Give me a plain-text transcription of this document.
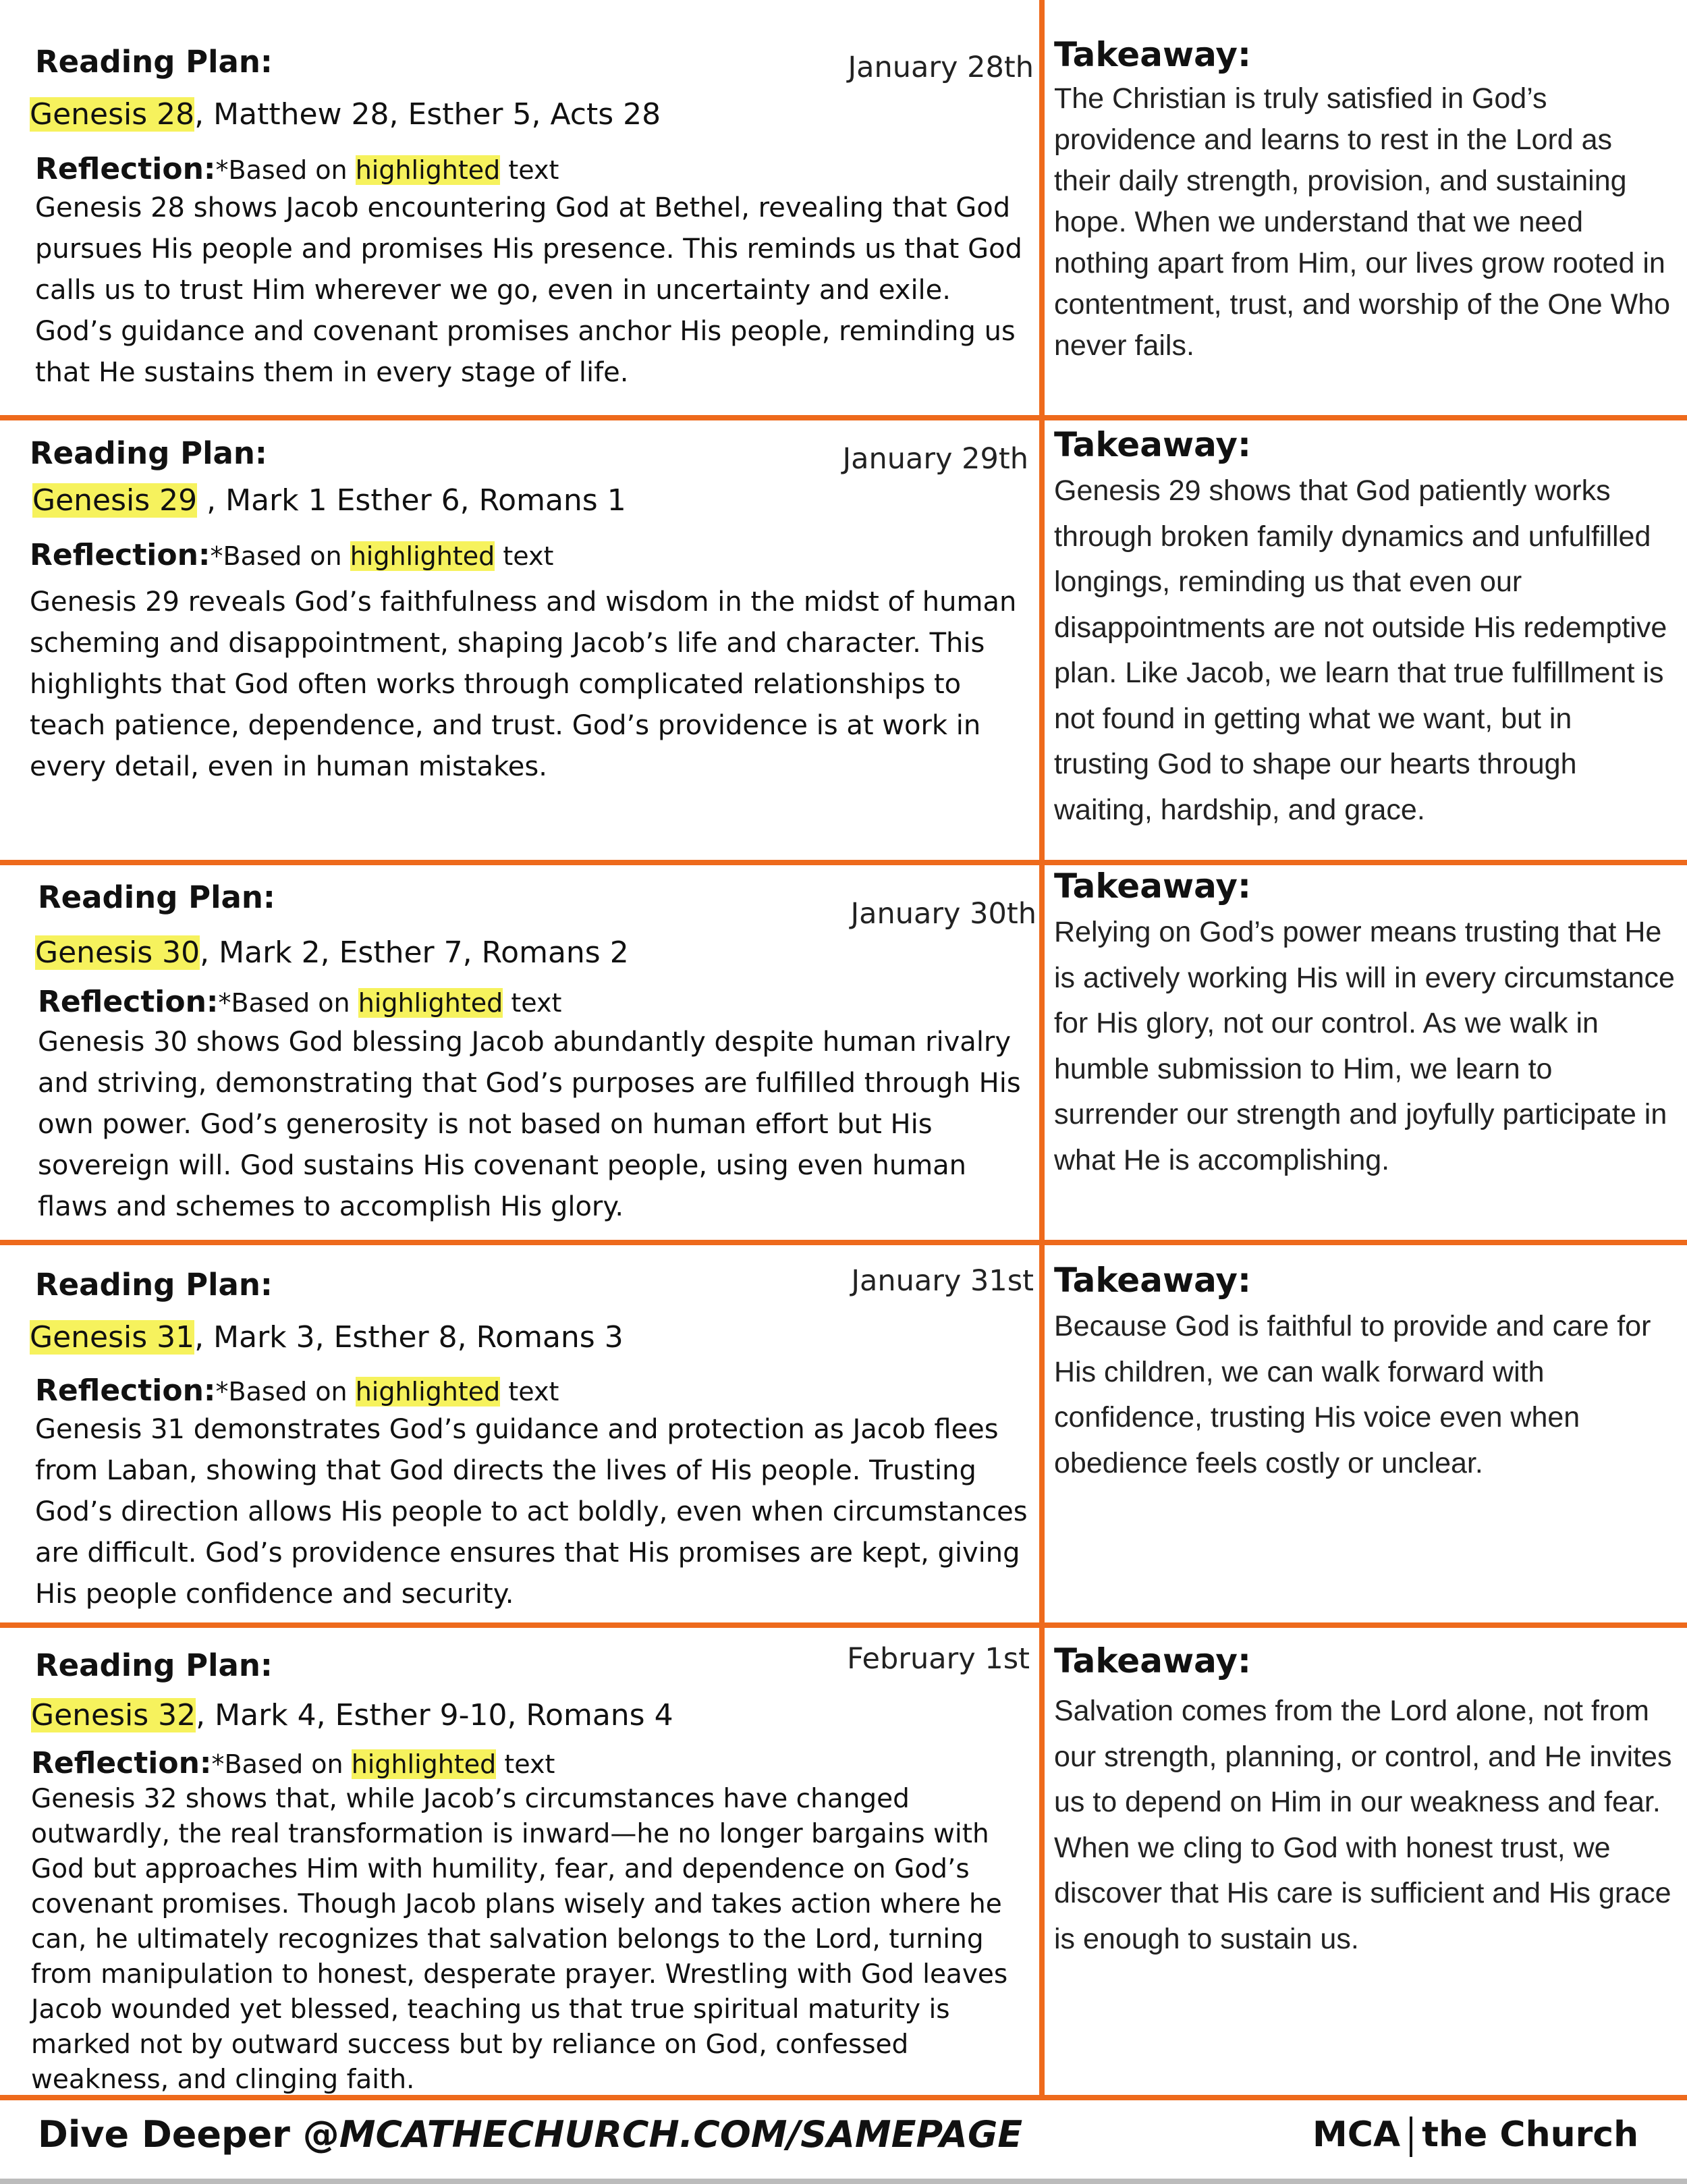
Reading Plan:	January 28th
Genesis 28, Matthew 28, Esther 5, Acts 28
Reflection:*Based on highlighted text
Genesis 28 shows Jacob encountering God at Bethel, revealing that God pursues His people and promises His presence. This reminds us that God calls us to trust Him wherever we go, even in uncertainty and exile. God’s guidance and covenant promises anchor His people, reminding us that He sustains them in every stage of life.
Takeaway:
The Christian is truly satisfied in God’s providence and learns to rest in the Lord as their daily strength, provision, and sustaining hope. When we understand that we need nothing apart from Him, our lives grow rooted in contentment, trust, and worship of the One Who never fails.
Reading Plan:	January 29th
Genesis 29 , Mark 1 Esther 6, Romans 1
Reflection:*Based on highlighted text
Genesis 29 reveals God’s faithfulness and wisdom in the midst of human scheming and disappointment, shaping Jacob’s life and character. This highlights that God often works through complicated relationships to teach patience, dependence, and trust. God’s providence is at work in every detail, even in human mistakes.
Takeaway:
Genesis 29 shows that God patiently works through broken family dynamics and unfulfilled longings, reminding us that even our disappointments are not outside His redemptive plan. Like Jacob, we learn that true fulfillment is not found in getting what we want, but in trusting God to shape our hearts through waiting, hardship, and grace.
Reading Plan:	January 30th
Genesis 30, Mark 2, Esther 7, Romans 2
Reflection:*Based on highlighted text
Genesis 30 shows God blessing Jacob abundantly despite human rivalry and striving, demonstrating that God’s purposes are fulfilled through His own power. God’s generosity is not based on human effort but His sovereign will. God sustains His covenant people, using even human flaws and schemes to accomplish His glory.
Takeaway:
Relying on God’s power means trusting that He is actively working His will in every circumstance for His glory, not our control. As we walk in humble submission to Him, we learn to surrender our strength and joyfully participate in what He is accomplishing.
Reading Plan:	January 31st
Genesis 31, Mark 3, Esther 8, Romans 3
Reflection:*Based on highlighted text
Genesis 31 demonstrates God’s guidance and protection as Jacob flees from Laban, showing that God directs the lives of His people. Trusting God’s direction allows His people to act boldly, even when circumstances are difficult. God’s providence ensures that His promises are kept, giving His people confidence and security.
Takeaway:
Because God is faithful to provide and care for His children, we can walk forward with confidence, trusting His voice even when obedience feels costly or unclear.
Reading Plan:	February 1st
Genesis 32, Mark 4, Esther 9-10, Romans 4
Reflection:*Based on highlighted text
Genesis 32 shows that, while Jacob’s circumstances have changed outwardly, the real transformation is inward—he no longer bargains with God but approaches Him with humility, fear, and dependence on God’s covenant promises. Though Jacob plans wisely and takes action where he can, he ultimately recognizes that salvation belongs to the Lord, turning from manipulation to honest, desperate prayer. Wrestling with God leaves Jacob wounded yet blessed, teaching us that true spiritual maturity is marked not by outward success but by reliance on God, confessed weakness, and clinging faith.
Takeaway:
Salvation comes from the Lord alone, not from our strength, planning, or control, and He invites us to depend on Him in our weakness and fear. When we cling to God with honest trust, we discover that His care is sufficient and His grace is enough to sustain us.
Dive Deeper @MCATHECHURCH.COM/SAMEPAGE	MCA the Church
